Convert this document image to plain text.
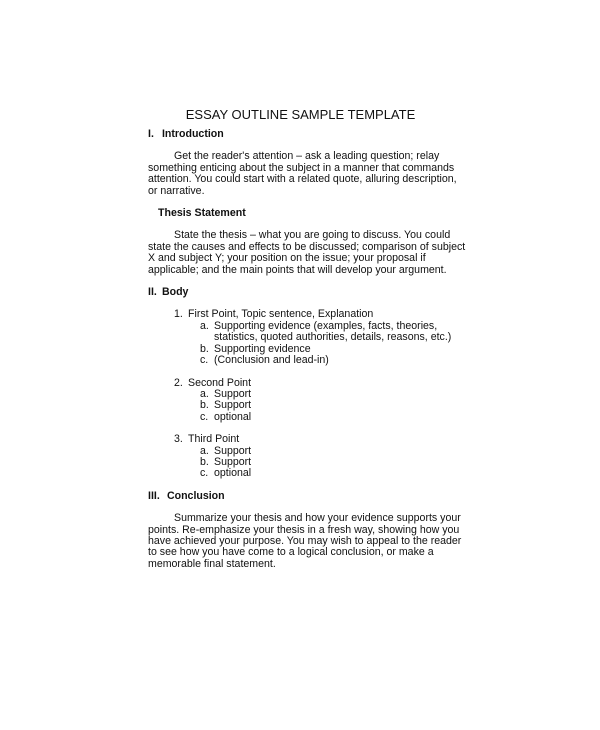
ESSAY OUTLINE SAMPLE TEMPLATE
I. Introduction
Get the reader's attention – ask a leading question; relay something enticing about the subject in a manner that commands attention. You could start with a related quote, alluring description, or narrative.
Thesis Statement
State the thesis – what you are going to discuss. You could state the causes and effects to be discussed; comparison of subject X and subject Y; your position on the issue; your proposal if applicable; and the main points that will develop your argument.
II. Body
1. First Point, Topic sentence, Explanation
a. Supporting evidence (examples, facts, theories, statistics, quoted authorities, details, reasons, etc.)
b. Supporting evidence
c. (Conclusion and lead-in)
2. Second Point
a. Support
b. Support
c. optional
3. Third Point
a. Support
b. Support
c. optional
III. Conclusion
Summarize your thesis and how your evidence supports your points. Re-emphasize your thesis in a fresh way, showing how you have achieved your purpose. You may wish to appeal to the reader to see how you have come to a logical conclusion, or make a memorable final statement.
